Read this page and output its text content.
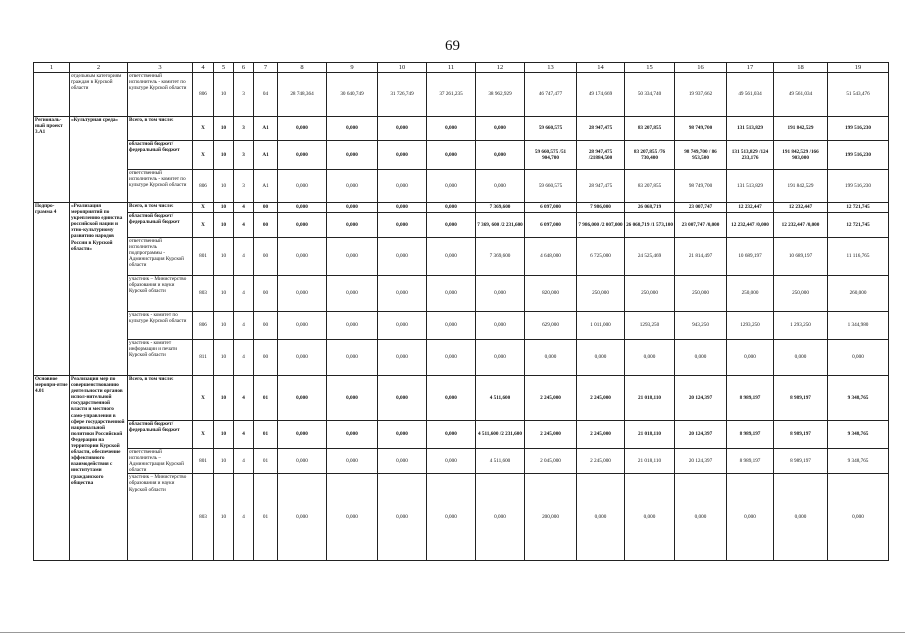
69
1	2	3	4	5	6	7	8	9	10	11	12	13	14	15	16	17	18	19
	отдельным категориям граждан в Курской области	ответственный исполнитель - комитет по культуре Курской области	806	10	3	04	28 748,364	30 640,749	31 726,749	37 261,235	38 962,929	46 747,477	49 174,669	50 334,740	19 937,662	49 561,034	49 561,034	51 543,476
Региональ-ный проект 3.А1	«Культурная среда»	Всего, в том числе:	Х	10	3	А1	0,000	0,000	0,000	0,000	0,000	59 660,575	28 947,475	83 207,855	98 749,700	131 513,829	191 842,529	199 516,230
		областной бюджет/ федеральный бюджет	Х	10	3	А1	0,000	0,000	0,000	0,000	0,000	59 660,575 /51 904,700	28 947,475 /21884,500	83 207,855 /76 730,400	98 749,700 / 86 953,500	131 513,829 /124 233,176	191 842,529 /166 903,000	199 516,230
		ответственный исполнитель - комитет по культуре Курской области	806	10	3	А1	0,000	0,000	0,000	0,000	0,000	59 660,575	28 947,475	83 207,855	98 749,700	131 513,829	191 842,529	199 516,230
Подпро-грамма 4	«Реализация мероприятий по укреплению единства российской нации и этно-культурному развитию народов России в Курской области»	Всего, в том числе:	Х	10	4	00	0,000	0,000	0,000	0,000	7 369,600	6 097,000	7 986,000	26 068,719	23 007,747	12 232,447	12 232,447	12 721,745
		областной бюджет/ федеральный бюджет	Х	10	4	00	0,000	0,000	0,000	0,000	7 369, 600 /2 231,600	6 097,000	7 986,000 /2 007,000	26 068,719 /1 573,100	23 007,747 /0,000	12 232,447 /0,000	12 232,447 /0,000	12 721,745
		ответственный исполнитель подпрограммы - Администрация Курской области	801	10	4	00	0,000	0,000	0,000	0,000	7 369,600	4 648,000	6 725,000	24 525,469	21 814,497	10 689,197	10 689,197	11 116,765
		участник – Министерство образования и науки Курской области	803	10	4	00	0,000	0,000	0,000	0,000	0,000	820,000	250,000	250,000	250,000	250,000	250,000	260,000
		участник - комитет по культуре Курской области	806	10	4	00	0,000	0,000	0,000	0,000	0,000	629,000	1 011,000	1293,250	943,250	1293,250	1 293,250	1 344,980
		участник - комитет информации и печати Курской области	811	10	4	00	0,000	0,000	0,000	0,000	0,000	0,000	0,000	0,000	0,000	0,000	0,000	0,000
Основное меропри-ятие 4.01	Реализация мер по совершенствованию деятельности органов испол-нительной государственной власти и местного само-управления в сфере государственной национальной политики Российской Федерации на территории Курской области, обеспечение эффективного взаимодействия с институтами гражданского общества	Всего, в том числе:	Х	10	4	01	0,000	0,000	0,000	0,000	4 511,600	2 245,000	2 245,000	21 018,110	20 124,397	8 989,197	8 989,197	9 348,765
		областной бюджет/ федеральный бюджет	Х	10	4	01	0,000	0,000	0,000	0,000	4 511,600 /2 231,600	2 245,000	2 245,000	21 018,110	20 124,397	8 989,197	8 989,197	9 348,765
		ответственный исполнитель – Администрация Курской области	801	10	4	01	0,000	0,000	0,000	0,000	4 511,600	2 045,000	2 245,000	21 018,110	20 124,397	8 989,197	8 989,197	9 348,765
		участник – Министерство образования и науки Курской области	803	10	4	01	0,000	0,000	0,000	0,000	0,000	200,000	0,000	0,000	0,000	0,000	0,000	0,000
